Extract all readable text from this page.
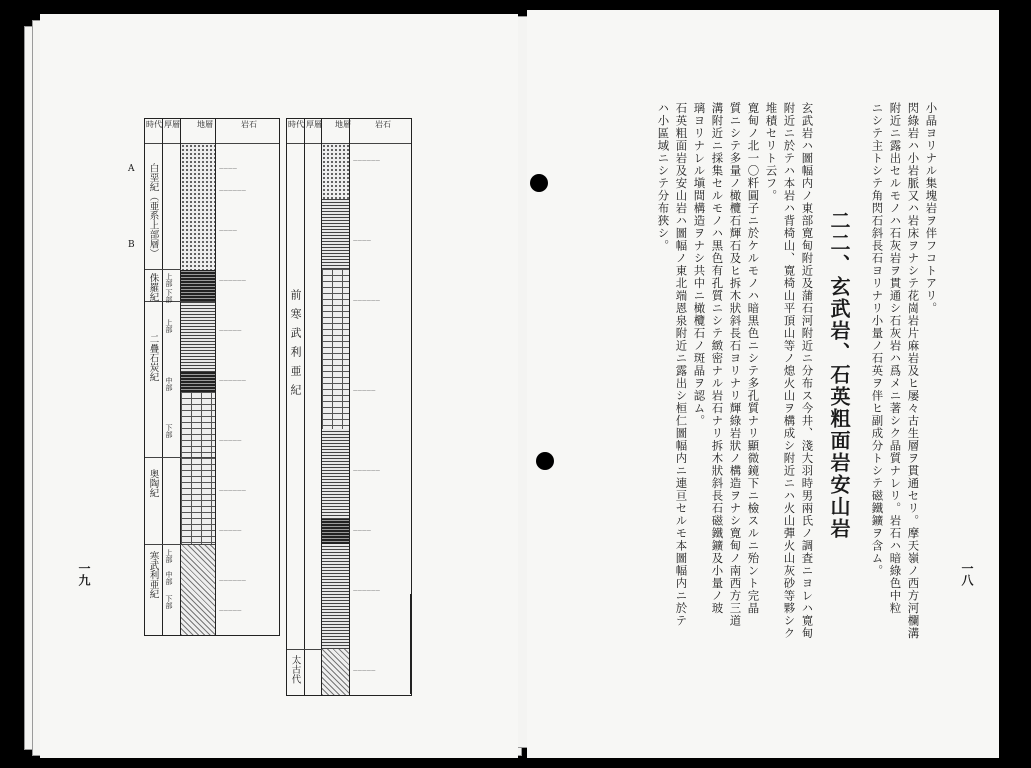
一九
A
B
時代 厚層 地層	岩石
白堊紀（亜系上部層）
侏羅紀
二疊石炭紀
奥陶紀
寒武利亜紀
上部
下部
上部
中部
下部
上部
中部
下部
————
——————
————
——————
—————
——————
—————
——————
—————
——————
—————
時代 厚層 地層	岩石
前寒武利亜紀
太古代
——————
————
——————
—————
——————
————
——————
—————
一八
小晶ヨリナル集塊岩ヲ伴フコトアリ。
閃綠岩ハ小岩脈又ハ岩床ヲナシテ花崗岩片麻岩及ヒ屡々古生層ヲ貫通セリ。摩天嶺ノ西方河欄溝
附近ニ露出セルモノハ石灰岩ヲ貫通シ石灰岩ハ爲メニ著シク晶質ナレリ。岩石ハ暗綠色中粒
ニシテ主トシテ角閃石斜長石ヨリナリ小量ノ石英ヲ伴ヒ副成分トシテ磁鐵鑛ヲ含ム。
二二、玄武岩、石英粗面岩安山岩
玄武岩ハ圖幅内ノ東部寛甸附近及蒲石河附近ニ分布ス今井、淺大羽時男兩氏ノ調査ニヨレハ寛甸
附近ニ於テハ本岩ハ背椅山、寛椅山平頂山等ノ熄火山ヲ構成シ附近ニハ火山彈火山灰砂等夥シク
堆積セリト云フ。
寛甸ノ北一〇粁圓子ニ於ケルモノハ暗黒色ニシテ多孔質ナリ顯微鏡下ニ檢スルニ殆ント完晶
質ニシテ多量ノ橄欖石輝石及ヒ拆木狀斜長石ヨリナリ輝綠岩狀ノ構造ヲナシ寛甸ノ南西方三道
溝附近ニ採集セルモノハ黒色有孔質ニシテ緻密ナル岩石ナリ拆木狀斜長石磁鐵鑛及小量ノ玻
璃ヨリナレル塡間構造ヲナシ共中ニ橄欖石ノ斑晶ヲ認ム。
石英粗面岩及安山岩ハ圖幅ノ東北端恩泉附近ニ露出シ桓仁圖幅内ニ連亘セルモ本圖幅内ニ於テ
ハ小區域ニシテ分布狹シ。
